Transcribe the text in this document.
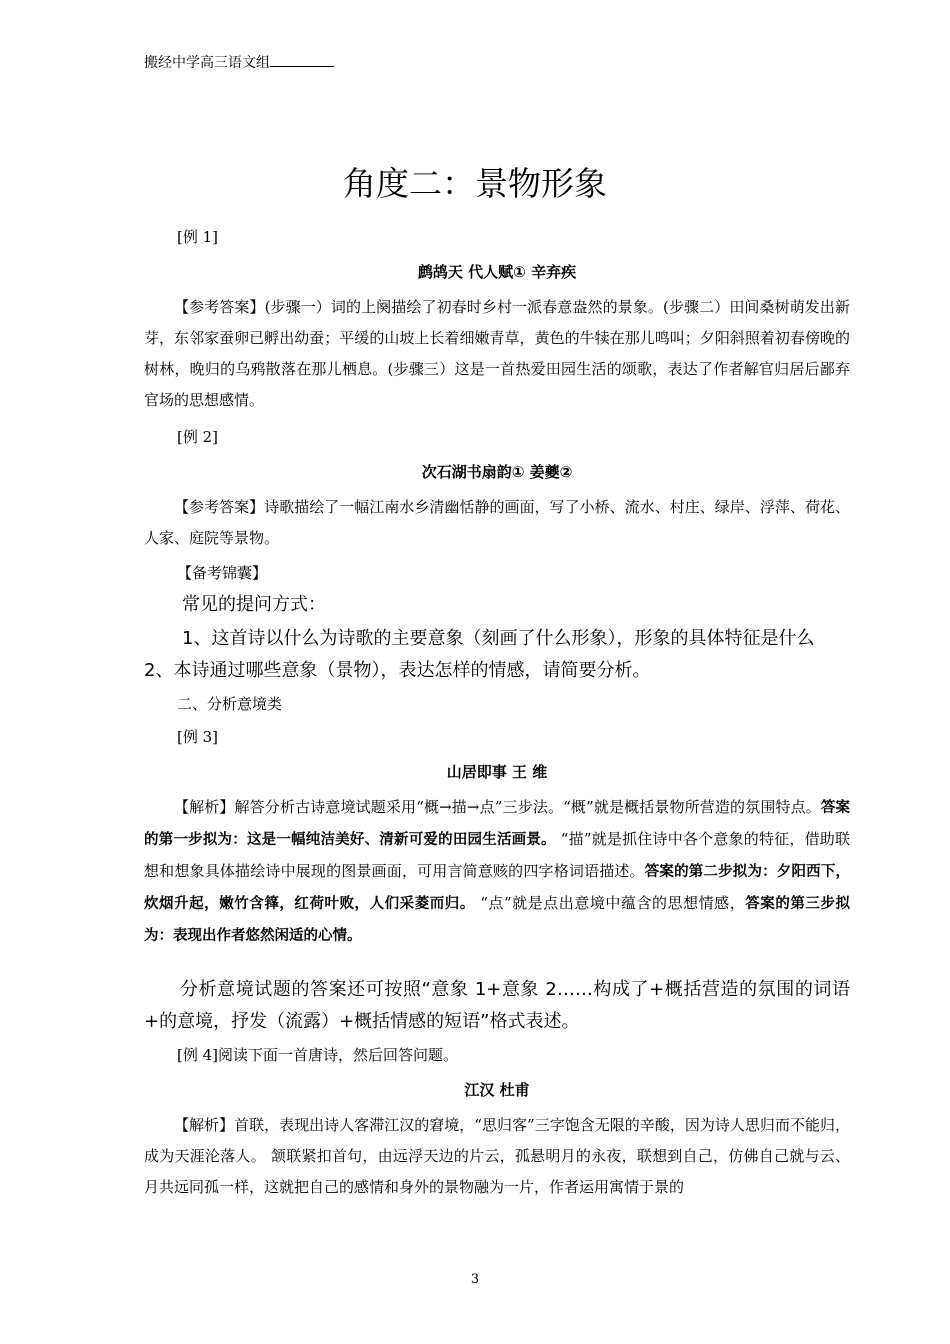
搬经中学高三语文组
角度二：景物形象

[例 1]

鹧鸪天 代人赋① 辛弃疾

【参考答案】(步骤一）词的上阕描绘了初春时乡村一派春意盎然的景象。(步骤二）田间桑树萌发出新芽，东邻家蚕卵已孵出幼蚕；平缓的山坡上长着细嫩青草，黄色的牛犊在那儿鸣叫；夕阳斜照着初春傍晚的树林，晚归的乌鸦散落在那儿栖息。(步骤三）这是一首热爱田园生活的颂歌，表达了作者解官归居后鄙弃官场的思想感情。

[例 2]

次石湖书扇韵① 姜夔②

【参考答案】诗歌描绘了一幅江南水乡清幽恬静的画面，写了小桥、流水、村庄、绿岸、浮萍、荷花、人家、庭院等景物。

【备考锦囊】

常见的提问方式：

1、这首诗以什么为诗歌的主要意象（刻画了什么形象），形象的具体特征是什么

2、本诗通过哪些意象（景物），表达怎样的情感，请简要分析。

二、分析意境类

[例 3]

山居即事 王 维

【解析】解答分析古诗意境试题采用“概→描→点”三步法。“概”就是概括景物所营造的氛围特点。答案的第一步拟为：这是一幅纯洁美好、清新可爱的田园生活画景。 “描”就是抓住诗中各个意象的特征，借助联想和想象具体描绘诗中展现的图景画面，可用言简意赅的四字格词语描述。答案的第二步拟为：夕阳西下，炊烟升起，嫩竹含箨，红荷叶败，人们采菱而归。 “点”就是点出意境中蕴含的思想情感，答案的第三步拟为：表现出作者悠然闲适的心情。

分析意境试题的答案还可按照“意象 1+意象 2……构成了+概括营造的氛围的词语+的意境，抒发（流露）+概括情感的短语”格式表述。

[例 4]阅读下面一首唐诗，然后回答问题。

江汉 杜甫

【解析】首联，表现出诗人客滞江汉的窘境，“思归客”三字饱含无限的辛酸，因为诗人思归而不能归，成为天涯沦落人。 颔联紧扣首句，由远浮天边的片云，孤悬明月的永夜，联想到自己，仿佛自己就与云、月共远同孤一样，这就把自己的感情和身外的景物融为一片，作者运用寓情于景的

3
